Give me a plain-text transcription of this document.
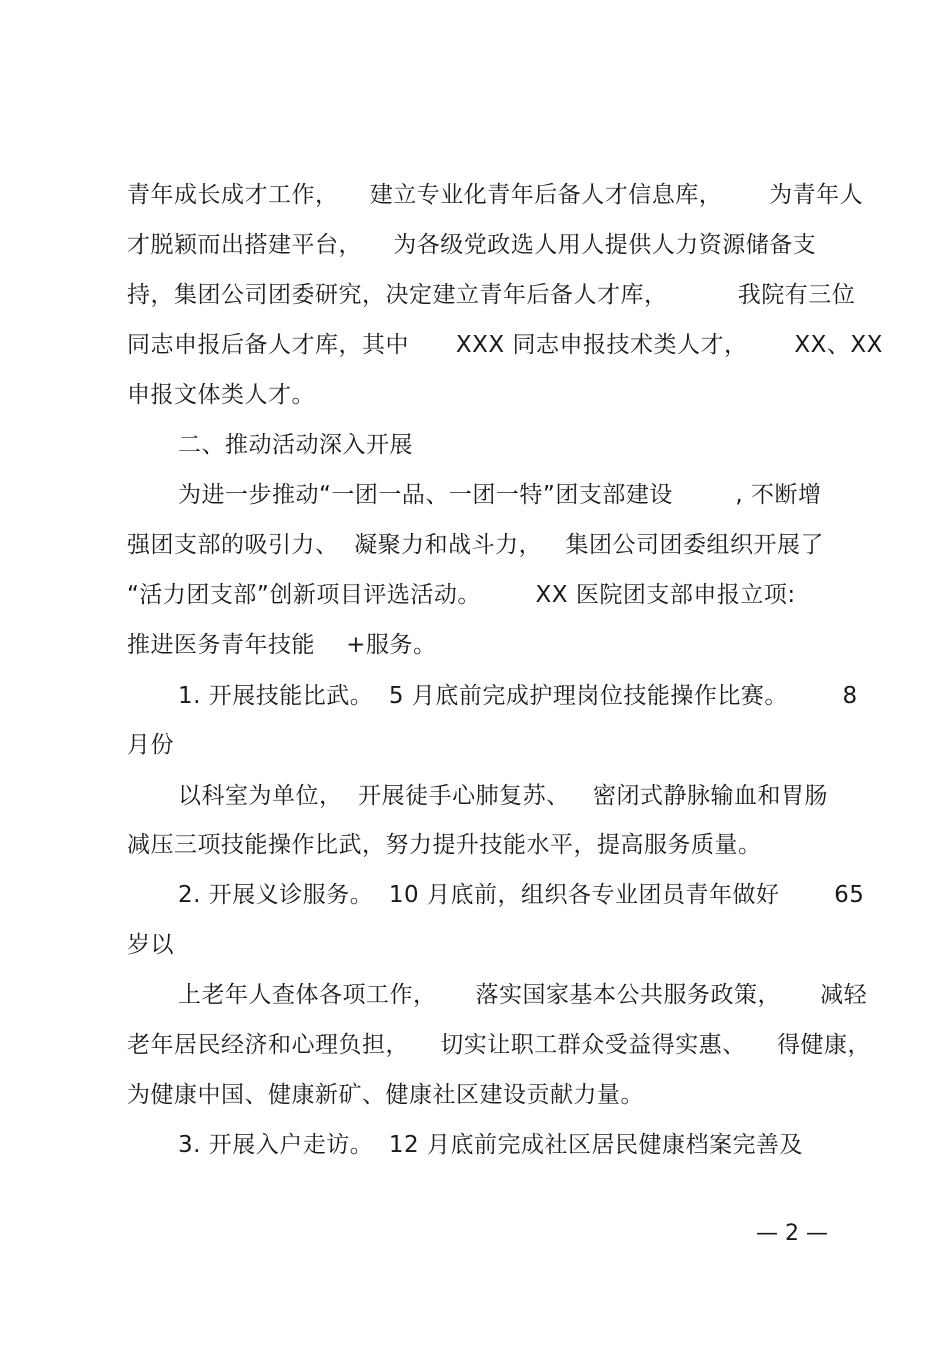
青年成长成才工作，    建立专业化青年后备人才信息库，      为青年人
才脱颖而出搭建平台，    为各级党政选人用人提供人力资源储备支
持，集团公司团委研究，决定建立青年后备人才库，         我院有三位
同志申报后备人才库，其中      XXX 同志申报技术类人才，      XX、XX
申报文体类人才。
二、推动活动深入开展
为进一步推动“一团一品、一团一特”团支部建设        , 不断增
强团支部的吸引力、  凝聚力和战斗力，   集团公司团委组织开展了
“活力团支部”创新项目评选活动。       XX 医院团支部申报立项:
推进医务青年技能    +服务。
1. 开展技能比武。  5 月底前完成护理岗位技能操作比赛。       8
月份
以科室为单位，  开展徒手心肺复苏、   密闭式静脉输血和胃肠
减压三项技能操作比武，努力提升技能水平，提高服务质量。
2. 开展义诊服务。  10 月底前，组织各专业团员青年做好       65
岁以
上老年人查体各项工作，     落实国家基本公共服务政策，     减轻
老年居民经济和心理负担，    切实让职工群众受益得实惠、    得健康，
为健康中国、健康新矿、健康社区建设贡献力量。
3. 开展入户走访。  12 月底前完成社区居民健康档案完善及
— 2 —
